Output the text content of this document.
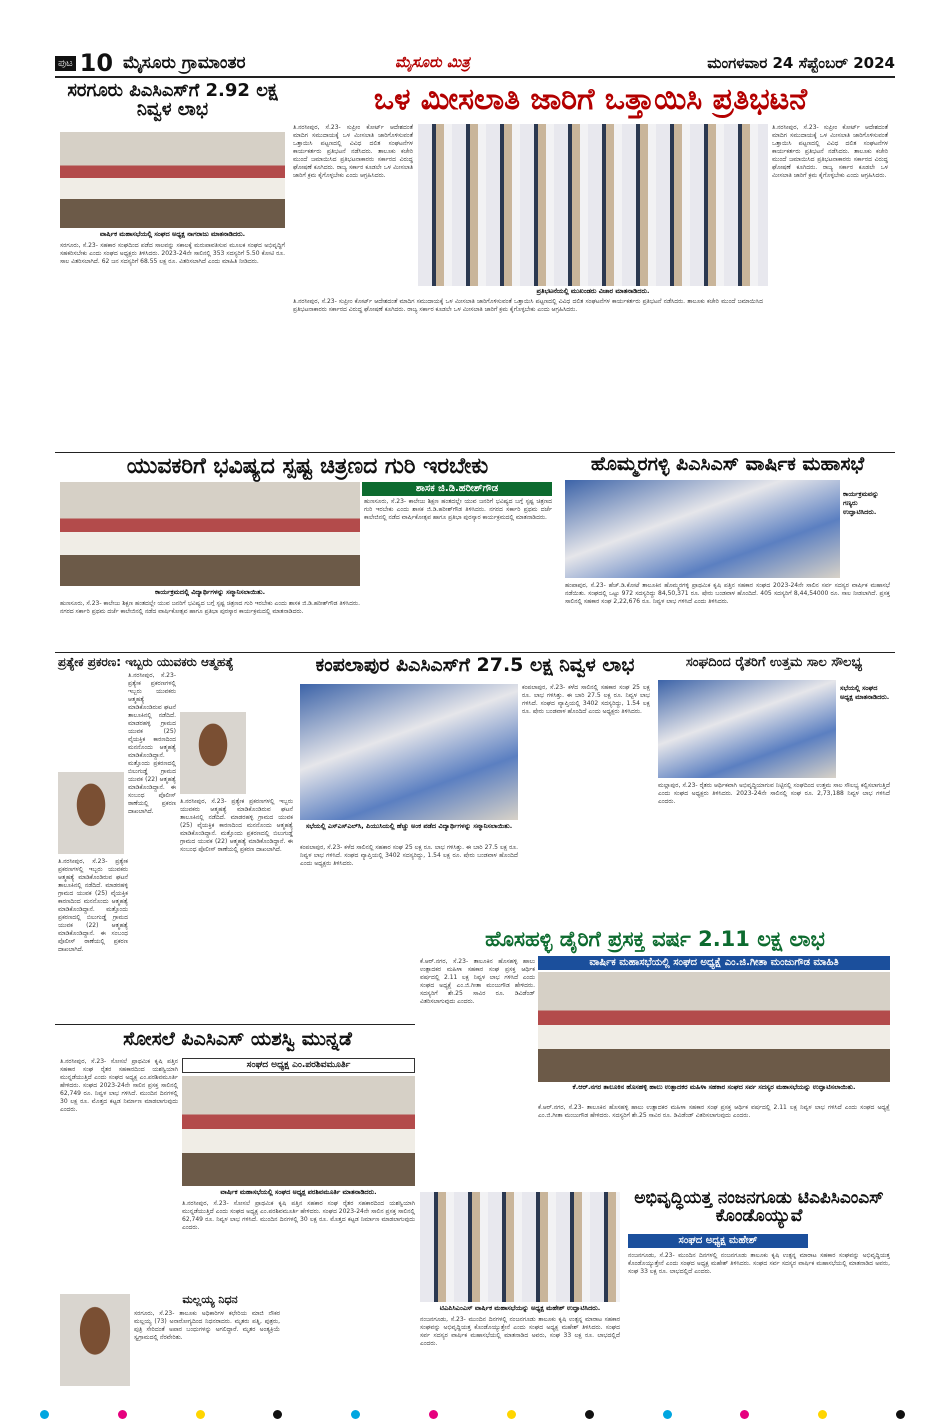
ಪುಟ 10 ಮೈಸೂರು ಗ್ರಾಮಾಂತರ	ಮೈಸೂರು ಮಿತ್ರ	ಮಂಗಳವಾರ 24 ಸೆಪ್ಟೆಂಬರ್ 2024
ಸರಗೂರು ಪಿಎಸಿಎಸ್‌ಗೆ 2.92 ಲಕ್ಷ ನಿವ್ವಳ ಲಾಭ
ವಾರ್ಷಿಕ ಮಹಾಸಭೆಯಲ್ಲಿ ಸಂಘದ ಅಧ್ಯಕ್ಷ ನಾಗರಾಜು ಮಾತನಾಡಿದರು.
ಸರಗೂರು, ಸೆ.23- ಸಹಕಾರ ಸಂಘದಿಂದ ಪಡೆದ ಸಾಲವನ್ನು ಸಕಾಲಕ್ಕೆ ಮರುಪಾವತಿಸುವ ಮೂಲಕ ಸಂಘದ ಅಭಿವೃದ್ಧಿಗೆ ಸಹಕರಿಸಬೇಕು ಎಂದು ಸಂಘದ ಅಧ್ಯಕ್ಷರು ತಿಳಿಸಿದರು. 2023-24ನೇ ಸಾಲಿನಲ್ಲಿ 353 ಸದಸ್ಯರಿಗೆ 5.50 ಕೋಟಿ ರೂ. ಸಾಲ ವಿತರಿಸಲಾಗಿದೆ. 62 ಜನ ಸದಸ್ಯರಿಗೆ 68.55 ಲಕ್ಷ ರೂ. ವಿತರಿಸಲಾಗಿದೆ ಎಂದು ಮಾಹಿತಿ ನೀಡಿದರು.
ಒಳ ಮೀಸಲಾತಿ ಜಾರಿಗೆ ಒತ್ತಾಯಿಸಿ ಪ್ರತಿಭಟನೆ
ತಿ.ನರಸೀಪುರ, ಸೆ.23- ಸುಪ್ರೀಂ ಕೋರ್ಟ್ ಆದೇಶದಂತೆ ಮಾದಿಗ ಸಮುದಾಯಕ್ಕೆ ಒಳ ಮೀಸಲಾತಿ ಜಾರಿಗೊಳಿಸುವಂತೆ ಒತ್ತಾಯಿಸಿ ಪಟ್ಟಣದಲ್ಲಿ ವಿವಿಧ ದಲಿತ ಸಂಘಟನೆಗಳ ಕಾರ್ಯಕರ್ತರು ಪ್ರತಿಭಟನೆ ನಡೆಸಿದರು. ತಾಲೂಕು ಕಚೇರಿ ಮುಂದೆ ಜಮಾಯಿಸಿದ ಪ್ರತಿಭಟನಾಕಾರರು ಸರ್ಕಾರದ ವಿರುದ್ಧ ಘೋಷಣೆ ಕೂಗಿದರು. ರಾಜ್ಯ ಸರ್ಕಾರ ಕೂಡಲೇ ಒಳ ಮೀಸಲಾತಿ ಜಾರಿಗೆ ಕ್ರಮ ಕೈಗೊಳ್ಳಬೇಕು ಎಂದು ಆಗ್ರಹಿಸಿದರು.
ಪ್ರತಿಭಟನೆಯಲ್ಲಿ ಮುಖಂಡರು ವಿಚಾರ ಮಾತನಾಡಿದರು.
ತಿ.ನರಸೀಪುರ, ಸೆ.23- ಸುಪ್ರೀಂ ಕೋರ್ಟ್ ಆದೇಶದಂತೆ ಮಾದಿಗ ಸಮುದಾಯಕ್ಕೆ ಒಳ ಮೀಸಲಾತಿ ಜಾರಿಗೊಳಿಸುವಂತೆ ಒತ್ತಾಯಿಸಿ ಪಟ್ಟಣದಲ್ಲಿ ವಿವಿಧ ದಲಿತ ಸಂಘಟನೆಗಳ ಕಾರ್ಯಕರ್ತರು ಪ್ರತಿಭಟನೆ ನಡೆಸಿದರು. ತಾಲೂಕು ಕಚೇರಿ ಮುಂದೆ ಜಮಾಯಿಸಿದ ಪ್ರತಿಭಟನಾಕಾರರು ಸರ್ಕಾರದ ವಿರುದ್ಧ ಘೋಷಣೆ ಕೂಗಿದರು. ರಾಜ್ಯ ಸರ್ಕಾರ ಕೂಡಲೇ ಒಳ ಮೀಸಲಾತಿ ಜಾರಿಗೆ ಕ್ರಮ ಕೈಗೊಳ್ಳಬೇಕು ಎಂದು ಆಗ್ರಹಿಸಿದರು.
ತಿ.ನರಸೀಪುರ, ಸೆ.23- ಸುಪ್ರೀಂ ಕೋರ್ಟ್ ಆದೇಶದಂತೆ ಮಾದಿಗ ಸಮುದಾಯಕ್ಕೆ ಒಳ ಮೀಸಲಾತಿ ಜಾರಿಗೊಳಿಸುವಂತೆ ಒತ್ತಾಯಿಸಿ ಪಟ್ಟಣದಲ್ಲಿ ವಿವಿಧ ದಲಿತ ಸಂಘಟನೆಗಳ ಕಾರ್ಯಕರ್ತರು ಪ್ರತಿಭಟನೆ ನಡೆಸಿದರು. ತಾಲೂಕು ಕಚೇರಿ ಮುಂದೆ ಜಮಾಯಿಸಿದ ಪ್ರತಿಭಟನಾಕಾರರು ಸರ್ಕಾರದ ವಿರುದ್ಧ ಘೋಷಣೆ ಕೂಗಿದರು. ರಾಜ್ಯ ಸರ್ಕಾರ ಕೂಡಲೇ ಒಳ ಮೀಸಲಾತಿ ಜಾರಿಗೆ ಕ್ರಮ ಕೈಗೊಳ್ಳಬೇಕು ಎಂದು ಆಗ್ರಹಿಸಿದರು.
ಯುವಕರಿಗೆ ಭವಿಷ್ಯದ ಸ್ಪಷ್ಟ ಚಿತ್ರಣದ ಗುರಿ ಇರಬೇಕು
ಶಾಸಕ ಜಿ.ಡಿ.ಹರೀಶ್‌ಗೌಡ
ಹುಣಸೂರು, ಸೆ.23- ಕಾಲೇಜು ಶಿಕ್ಷಣ ಹಂತದಲ್ಲೇ ಯುವ ಜನರಿಗೆ ಭವಿಷ್ಯದ ಬಗ್ಗೆ ಸ್ಪಷ್ಟ ಚಿತ್ರಣದ ಗುರಿ ಇರಬೇಕು ಎಂದು ಶಾಸಕ ಜಿ.ಡಿ.ಹರೀಶ್‌ಗೌಡ ತಿಳಿಸಿದರು. ನಗರದ ಸರ್ಕಾರಿ ಪ್ರಥಮ ದರ್ಜೆ ಕಾಲೇಜಿನಲ್ಲಿ ನಡೆದ ವಾರ್ಷಿಕೋತ್ಸವ ಹಾಗೂ ಪ್ರತಿಭಾ ಪುರಸ್ಕಾರ ಕಾರ್ಯಕ್ರಮದಲ್ಲಿ ಮಾತನಾಡಿದರು.
ಕಾರ್ಯಕ್ರಮದಲ್ಲಿ ವಿದ್ಯಾರ್ಥಿಗಳನ್ನು ಸನ್ಮಾನಿಸಲಾಯಿತು.
ಹುಣಸೂರು, ಸೆ.23- ಕಾಲೇಜು ಶಿಕ್ಷಣ ಹಂತದಲ್ಲೇ ಯುವ ಜನರಿಗೆ ಭವಿಷ್ಯದ ಬಗ್ಗೆ ಸ್ಪಷ್ಟ ಚಿತ್ರಣದ ಗುರಿ ಇರಬೇಕು ಎಂದು ಶಾಸಕ ಜಿ.ಡಿ.ಹರೀಶ್‌ಗೌಡ ತಿಳಿಸಿದರು. ನಗರದ ಸರ್ಕಾರಿ ಪ್ರಥಮ ದರ್ಜೆ ಕಾಲೇಜಿನಲ್ಲಿ ನಡೆದ ವಾರ್ಷಿಕೋತ್ಸವ ಹಾಗೂ ಪ್ರತಿಭಾ ಪುರಸ್ಕಾರ ಕಾರ್ಯಕ್ರಮದಲ್ಲಿ ಮಾತನಾಡಿದರು.
ಹೊಮ್ಮರಗಳ್ಳಿ ಪಿಎಸಿಎಸ್ ವಾರ್ಷಿಕ ಮಹಾಸಭೆ
ಕಾರ್ಯಕ್ರಮವನ್ನು ಗಣ್ಯರು ಉದ್ಘಾಟಿಸಿದರು.
ಹಂಪಾಪುರ, ಸೆ.23- ಹೆಚ್.ಡಿ.ಕೋಟೆ ತಾಲೂಕಿನ ಹೊಮ್ಮರಗಳ್ಳಿ ಪ್ರಾಥಮಿಕ ಕೃಷಿ ಪತ್ತಿನ ಸಹಕಾರ ಸಂಘದ 2023-24ನೇ ಸಾಲಿನ ಸರ್ವ ಸದಸ್ಯರ ವಾರ್ಷಿಕ ಮಹಾಸಭೆ ನಡೆಯಿತು. ಸಂಘದಲ್ಲಿ ಒಟ್ಟು 972 ಸದಸ್ಯರಿದ್ದು 84,50,371 ರೂ. ಷೇರು ಬಂಡವಾಳ ಹೊಂದಿದೆ. 405 ಸದಸ್ಯರಿಗೆ 8,44,54000 ರೂ. ಸಾಲ ನೀಡಲಾಗಿದೆ. ಪ್ರಸಕ್ತ ಸಾಲಿನಲ್ಲಿ ಸಹಕಾರ ಸಂಘ 2,22,676 ರೂ. ನಿವ್ವಳ ಲಾಭ ಗಳಿಸಿದೆ ಎಂದು ತಿಳಿಸಿದರು.
ಪ್ರತ್ಯೇಕ ಪ್ರಕರಣ: ಇಬ್ಬರು ಯುವಕರು ಆತ್ಮಹತ್ಯೆ
ತಿ.ನರಸೀಪುರ, ಸೆ.23- ಪ್ರತ್ಯೇಕ ಪ್ರಕರಣಗಳಲ್ಲಿ ಇಬ್ಬರು ಯುವಕರು ಆತ್ಮಹತ್ಯೆ ಮಾಡಿಕೊಂಡಿರುವ ಘಟನೆ ತಾಲೂಕಿನಲ್ಲಿ ನಡೆದಿದೆ. ಮಾಡರಹಳ್ಳಿ ಗ್ರಾಮದ ಯುವಕ (25) ವೈಯಕ್ತಿಕ ಕಾರಣದಿಂದ ಮನನೊಂದು ಆತ್ಮಹತ್ಯೆ ಮಾಡಿಕೊಂಡಿದ್ದಾನೆ. ಮತ್ತೊಂದು ಪ್ರಕರಣದಲ್ಲಿ ಬಿಲುಗುಡ್ಡೆ ಗ್ರಾಮದ ಯುವಕ (22) ಆತ್ಮಹತ್ಯೆ ಮಾಡಿಕೊಂಡಿದ್ದಾನೆ. ಈ ಸಂಬಂಧ ಪೊಲೀಸ್ ಠಾಣೆಯಲ್ಲಿ ಪ್ರಕರಣ ದಾಖಲಾಗಿದೆ.
ತಿ.ನರಸೀಪುರ, ಸೆ.23- ಪ್ರತ್ಯೇಕ ಪ್ರಕರಣಗಳಲ್ಲಿ ಇಬ್ಬರು ಯುವಕರು ಆತ್ಮಹತ್ಯೆ ಮಾಡಿಕೊಂಡಿರುವ ಘಟನೆ ತಾಲೂಕಿನಲ್ಲಿ ನಡೆದಿದೆ. ಮಾಡರಹಳ್ಳಿ ಗ್ರಾಮದ ಯುವಕ (25) ವೈಯಕ್ತಿಕ ಕಾರಣದಿಂದ ಮನನೊಂದು ಆತ್ಮಹತ್ಯೆ ಮಾಡಿಕೊಂಡಿದ್ದಾನೆ. ಮತ್ತೊಂದು ಪ್ರಕರಣದಲ್ಲಿ ಬಿಲುಗುಡ್ಡೆ ಗ್ರಾಮದ ಯುವಕ (22) ಆತ್ಮಹತ್ಯೆ ಮಾಡಿಕೊಂಡಿದ್ದಾನೆ. ಈ ಸಂಬಂಧ ಪೊಲೀಸ್ ಠಾಣೆಯಲ್ಲಿ ಪ್ರಕರಣ ದಾಖಲಾಗಿದೆ.
ತಿ.ನರಸೀಪುರ, ಸೆ.23- ಪ್ರತ್ಯೇಕ ಪ್ರಕರಣಗಳಲ್ಲಿ ಇಬ್ಬರು ಯುವಕರು ಆತ್ಮಹತ್ಯೆ ಮಾಡಿಕೊಂಡಿರುವ ಘಟನೆ ತಾಲೂಕಿನಲ್ಲಿ ನಡೆದಿದೆ. ಮಾಡರಹಳ್ಳಿ ಗ್ರಾಮದ ಯುವಕ (25) ವೈಯಕ್ತಿಕ ಕಾರಣದಿಂದ ಮನನೊಂದು ಆತ್ಮಹತ್ಯೆ ಮಾಡಿಕೊಂಡಿದ್ದಾನೆ. ಮತ್ತೊಂದು ಪ್ರಕರಣದಲ್ಲಿ ಬಿಲುಗುಡ್ಡೆ ಗ್ರಾಮದ ಯುವಕ (22) ಆತ್ಮಹತ್ಯೆ ಮಾಡಿಕೊಂಡಿದ್ದಾನೆ. ಈ ಸಂಬಂಧ ಪೊಲೀಸ್ ಠಾಣೆಯಲ್ಲಿ ಪ್ರಕರಣ ದಾಖಲಾಗಿದೆ.
ಕಂಪಲಾಪುರ ಪಿಎಸಿಎಸ್‌ಗೆ 27.5 ಲಕ್ಷ ನಿವ್ವಳ ಲಾಭ
ಸಭೆಯಲ್ಲಿ ಎಸ್‌ಎಸ್‌ಎಲ್‌ಸಿ, ಪಿಯುಸಿಯಲ್ಲಿ ಹೆಚ್ಚು ಅಂಕ ಪಡೆದ ವಿದ್ಯಾರ್ಥಿಗಳನ್ನು ಸನ್ಮಾನಿಸಲಾಯಿತು.
ಕಂಪಲಾಪುರ, ಸೆ.23- ಕಳೆದ ಸಾಲಿನಲ್ಲಿ ಸಹಕಾರ ಸಂಘ 25 ಲಕ್ಷ ರೂ. ಲಾಭ ಗಳಿಸಿತ್ತು. ಈ ಬಾರಿ 27.5 ಲಕ್ಷ ರೂ. ನಿವ್ವಳ ಲಾಭ ಗಳಿಸಿದೆ. ಸಂಘದ ವ್ಯಾಪ್ತಿಯಲ್ಲಿ 3402 ಸದಸ್ಯರಿದ್ದು, 1.54 ಲಕ್ಷ ರೂ. ಷೇರು ಬಂಡವಾಳ ಹೊಂದಿದೆ ಎಂದು ಅಧ್ಯಕ್ಷರು ತಿಳಿಸಿದರು.
ಕಂಪಲಾಪುರ, ಸೆ.23- ಕಳೆದ ಸಾಲಿನಲ್ಲಿ ಸಹಕಾರ ಸಂಘ 25 ಲಕ್ಷ ರೂ. ಲಾಭ ಗಳಿಸಿತ್ತು. ಈ ಬಾರಿ 27.5 ಲಕ್ಷ ರೂ. ನಿವ್ವಳ ಲಾಭ ಗಳಿಸಿದೆ. ಸಂಘದ ವ್ಯಾಪ್ತಿಯಲ್ಲಿ 3402 ಸದಸ್ಯರಿದ್ದು, 1.54 ಲಕ್ಷ ರೂ. ಷೇರು ಬಂಡವಾಳ ಹೊಂದಿದೆ ಎಂದು ಅಧ್ಯಕ್ಷರು ತಿಳಿಸಿದರು.
ಸಂಘದಿಂದ ರೈತರಿಗೆ ಉತ್ತಮ ಸಾಲ ಸೌಲಭ್ಯ
ಸಭೆಯಲ್ಲಿ ಸಂಘದ ಅಧ್ಯಕ್ಷ ಮಾತನಾಡಿದರು.
ಮಲ್ಲಾಪುರ, ಸೆ.23- ರೈತರು ಆರ್ಥಿಕವಾಗಿ ಅಭಿವೃದ್ಧಿಯಾಗುವ ನಿಟ್ಟಿನಲ್ಲಿ ಸಂಘದಿಂದ ಉತ್ತಮ ಸಾಲ ಸೌಲಭ್ಯ ಕಲ್ಪಿಸಲಾಗುತ್ತಿದೆ ಎಂದು ಸಂಘದ ಅಧ್ಯಕ್ಷರು ತಿಳಿಸಿದರು. 2023-24ನೇ ಸಾಲಿನಲ್ಲಿ ಸಂಘ ರೂ. 2,73,188 ನಿವ್ವಳ ಲಾಭ ಗಳಿಸಿದೆ ಎಂದರು.
ಹೊಸಹಳ್ಳಿ ಡೈರಿಗೆ ಪ್ರಸಕ್ತ ವರ್ಷ 2.11 ಲಕ್ಷ ಲಾಭ
ಕೆ.ಆರ್.ನಗರ, ಸೆ.23- ತಾಲೂಕಿನ ಹೊಸಹಳ್ಳಿ ಹಾಲು ಉತ್ಪಾದಕರ ಮಹಿಳಾ ಸಹಕಾರ ಸಂಘ ಪ್ರಸಕ್ತ ಆರ್ಥಿಕ ವರ್ಷದಲ್ಲಿ 2.11 ಲಕ್ಷ ನಿವ್ವಳ ಲಾಭ ಗಳಿಸಿದೆ ಎಂದು ಸಂಘದ ಅಧ್ಯಕ್ಷೆ ಎಂ.ಜಿ.ಗೀತಾ ಮಂಜುಗೌಡ ಹೇಳಿದರು. ಸದಸ್ಯರಿಗೆ ಶೇ.25 ಸಾವಿರ ರೂ. ಡಿವಿಡೆಂಡ್ ವಿತರಿಸಲಾಗುವುದು ಎಂದರು.
ವಾರ್ಷಿಕ ಮಹಾಸಭೆಯಲ್ಲಿ ಸಂಘದ ಅಧ್ಯಕ್ಷೆ ಎಂ.ಜಿ.ಗೀತಾ ಮಂಜುಗೌಡ ಮಾಹಿತಿ
ಕೆ.ಆರ್.ನಗರ ತಾಲೂಕಿನ ಹೊಸಹಳ್ಳಿ ಹಾಲು ಉತ್ಪಾದಕರ ಮಹಿಳಾ ಸಹಕಾರ ಸಂಘದ ಸರ್ವ ಸದಸ್ಯರ ಮಹಾಸಭೆಯನ್ನು ಉದ್ಘಾಟಿಸಲಾಯಿತು.
ಕೆ.ಆರ್.ನಗರ, ಸೆ.23- ತಾಲೂಕಿನ ಹೊಸಹಳ್ಳಿ ಹಾಲು ಉತ್ಪಾದಕರ ಮಹಿಳಾ ಸಹಕಾರ ಸಂಘ ಪ್ರಸಕ್ತ ಆರ್ಥಿಕ ವರ್ಷದಲ್ಲಿ 2.11 ಲಕ್ಷ ನಿವ್ವಳ ಲಾಭ ಗಳಿಸಿದೆ ಎಂದು ಸಂಘದ ಅಧ್ಯಕ್ಷೆ ಎಂ.ಜಿ.ಗೀತಾ ಮಂಜುಗೌಡ ಹೇಳಿದರು. ಸದಸ್ಯರಿಗೆ ಶೇ.25 ಸಾವಿರ ರೂ. ಡಿವಿಡೆಂಡ್ ವಿತರಿಸಲಾಗುವುದು ಎಂದರು.
ಸೋಸಲೆ ಪಿಎಸಿಎಸ್ ಯಶಸ್ವಿ ಮುನ್ನಡೆ
ತಿ.ನರಸೀಪುರ, ಸೆ.23- ಸೋಸಲೆ ಪ್ರಾಥಮಿಕ ಕೃಷಿ ಪತ್ತಿನ ಸಹಕಾರ ಸಂಘ ರೈತರ ಸಹಕಾರದಿಂದ ಯಶಸ್ವಿಯಾಗಿ ಮುನ್ನಡೆಯುತ್ತಿದೆ ಎಂದು ಸಂಘದ ಅಧ್ಯಕ್ಷ ಎಂ.ಪರಶಿವಮೂರ್ತಿ ಹೇಳಿದರು. ಸಂಘದ 2023-24ನೇ ಸಾಲಿನ ಪ್ರಸಕ್ತ ಸಾಲಿನಲ್ಲಿ 62,749 ರೂ. ನಿವ್ವಳ ಲಾಭ ಗಳಿಸಿದೆ. ಮುಂದಿನ ದಿನಗಳಲ್ಲಿ 30 ಲಕ್ಷ ರೂ. ಮೊತ್ತದ ಕಟ್ಟಡ ನಿರ್ಮಾಣ ಮಾಡಲಾಗುವುದು ಎಂದರು.
ಸಂಘದ ಅಧ್ಯಕ್ಷ ಎಂ.ಪರಶಿವಮೂರ್ತಿ
ವಾರ್ಷಿಕ ಮಹಾಸಭೆಯಲ್ಲಿ ಸಂಘದ ಅಧ್ಯಕ್ಷ ಪರಶಿವಮೂರ್ತಿ ಮಾತನಾಡಿದರು.
ತಿ.ನರಸೀಪುರ, ಸೆ.23- ಸೋಸಲೆ ಪ್ರಾಥಮಿಕ ಕೃಷಿ ಪತ್ತಿನ ಸಹಕಾರ ಸಂಘ ರೈತರ ಸಹಕಾರದಿಂದ ಯಶಸ್ವಿಯಾಗಿ ಮುನ್ನಡೆಯುತ್ತಿದೆ ಎಂದು ಸಂಘದ ಅಧ್ಯಕ್ಷ ಎಂ.ಪರಶಿವಮೂರ್ತಿ ಹೇಳಿದರು. ಸಂಘದ 2023-24ನೇ ಸಾಲಿನ ಪ್ರಸಕ್ತ ಸಾಲಿನಲ್ಲಿ 62,749 ರೂ. ನಿವ್ವಳ ಲಾಭ ಗಳಿಸಿದೆ. ಮುಂದಿನ ದಿನಗಳಲ್ಲಿ 30 ಲಕ್ಷ ರೂ. ಮೊತ್ತದ ಕಟ್ಟಡ ನಿರ್ಮಾಣ ಮಾಡಲಾಗುವುದು ಎಂದರು.
ಮಲ್ಲಯ್ಯ ನಿಧನ
ಸರಗೂರು, ಸೆ.23- ತಾಲೂಕು ಅಧಿಕಾರಿಗಳ ಕಛೇರಿಯ ಮಾಜಿ ನೌಕರ ಮಲ್ಲಯ್ಯ (73) ಅನಾರೋಗ್ಯದಿಂದ ನಿಧನರಾದರು. ಮೃತರು ಪತ್ನಿ, ಪುತ್ರರು, ಪುತ್ರಿ ಸೇರಿದಂತೆ ಅಪಾರ ಬಂಧುಗಳನ್ನು ಅಗಲಿದ್ದಾರೆ. ಮೃತರ ಅಂತ್ಯಕ್ರಿಯೆ ಸ್ವಗ್ರಾಮದಲ್ಲಿ ನೆರವೇರಿತು.
ಟಿಎಪಿಸಿಎಂಎಸ್ ವಾರ್ಷಿಕ ಮಹಾಸಭೆಯನ್ನು ಅಧ್ಯಕ್ಷ ಮಹೇಶ್ ಉದ್ಘಾಟಿಸಿದರು.
ಅಭಿವೃದ್ಧಿಯತ್ತ ನಂಜನಗೂಡು ಟಿಎಪಿಸಿಎಂಎಸ್ ಕೊಂಡೊಯ್ಯುವೆ
ಸಂಘದ ಅಧ್ಯಕ್ಷ ಮಹೇಶ್
ನಂಜನಗೂಡು, ಸೆ.23- ಮುಂದಿನ ದಿನಗಳಲ್ಲಿ ನಂಜನಗೂಡು ತಾಲೂಕು ಕೃಷಿ ಉತ್ಪನ್ನ ಮಾರಾಟ ಸಹಕಾರ ಸಂಘವನ್ನು ಅಭಿವೃದ್ಧಿಯತ್ತ ಕೊಂಡೊಯ್ಯುತ್ತೇನೆ ಎಂದು ಸಂಘದ ಅಧ್ಯಕ್ಷ ಮಹೇಶ್ ತಿಳಿಸಿದರು. ಸಂಘದ ಸರ್ವ ಸದಸ್ಯರ ವಾರ್ಷಿಕ ಮಹಾಸಭೆಯಲ್ಲಿ ಮಾತನಾಡಿದ ಅವರು, ಸಂಘ 33 ಲಕ್ಷ ರೂ. ಲಾಭದಲ್ಲಿದೆ ಎಂದರು.
ನಂಜನಗೂಡು, ಸೆ.23- ಮುಂದಿನ ದಿನಗಳಲ್ಲಿ ನಂಜನಗೂಡು ತಾಲೂಕು ಕೃಷಿ ಉತ್ಪನ್ನ ಮಾರಾಟ ಸಹಕಾರ ಸಂಘವನ್ನು ಅಭಿವೃದ್ಧಿಯತ್ತ ಕೊಂಡೊಯ್ಯುತ್ತೇನೆ ಎಂದು ಸಂಘದ ಅಧ್ಯಕ್ಷ ಮಹೇಶ್ ತಿಳಿಸಿದರು. ಸಂಘದ ಸರ್ವ ಸದಸ್ಯರ ವಾರ್ಷಿಕ ಮಹಾಸಭೆಯಲ್ಲಿ ಮಾತನಾಡಿದ ಅವರು, ಸಂಘ 33 ಲಕ್ಷ ರೂ. ಲಾಭದಲ್ಲಿದೆ ಎಂದರು.
